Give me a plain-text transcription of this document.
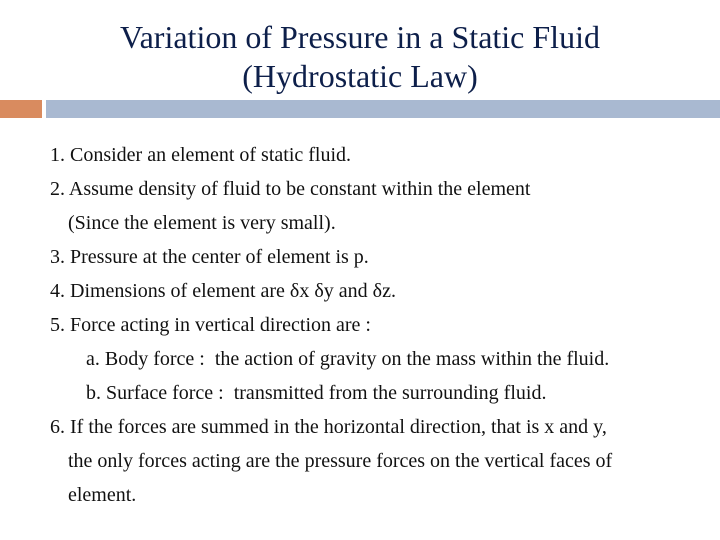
Variation of Pressure in a Static Fluid
(Hydrostatic Law)
1. Consider an element of static fluid.
2. Assume density of fluid to be constant within the element
(Since the element is very small).
3. Pressure at the center of element is p.
4. Dimensions of element are δx δy and δz.
5. Force acting in vertical direction are :
a. Body force : the action of gravity on the mass within the fluid.
b. Surface force : transmitted from the surrounding fluid.
6. If the forces are summed in the horizontal direction, that is x and y,
the only forces acting are the pressure forces on the vertical faces of
element.
